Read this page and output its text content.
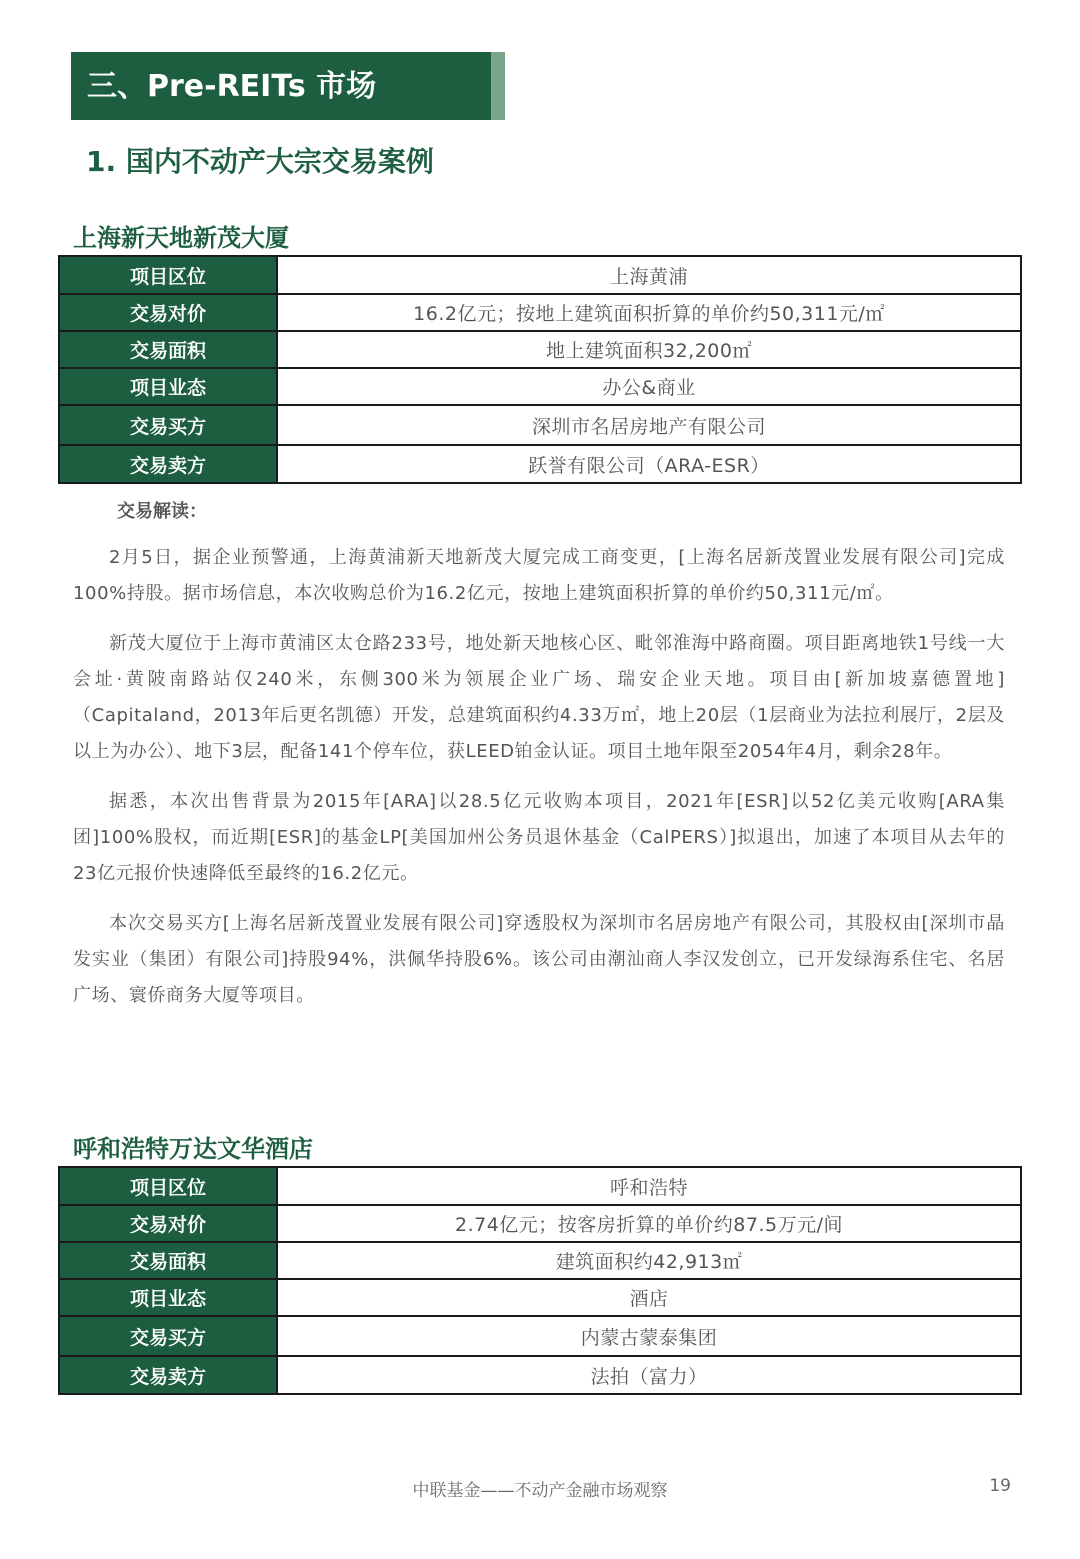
三、Pre-REITs 市场
1. 国内不动产大宗交易案例
上海新天地新茂大厦
项目区位	上海黄浦
交易对价	16.2亿元；按地上建筑面积折算的单价约50,311元/㎡
交易面积	地上建筑面积32,200㎡
项目业态	办公&商业
交易买方	深圳市名居房地产有限公司
交易卖方	跃誉有限公司（ARA-ESR）
交易解读：

2月5日，据企业预警通，上海黄浦新天地新茂大厦完成工商变更，[上海名居新茂置业发展有限公司]完成100%持股。据市场信息，本次收购总价为16.2亿元，按地上建筑面积折算的单价约50,311元/㎡。

新茂大厦位于上海市黄浦区太仓路233号，地处新天地核心区、毗邻淮海中路商圈。项目距离地铁1号线一大会址·黄陂南路站仅240米，东侧300米为领展企业广场、瑞安企业天地。项目由[新加坡嘉德置地]（Capitaland，2013年后更名凯德）开发，总建筑面积约4.33万㎡，地上20层（1层商业为法拉利展厅，2层及以上为办公）、地下3层，配备141个停车位，获LEED铂金认证。项目土地年限至2054年4月，剩余28年。

据悉，本次出售背景为2015年[ARA]以28.5亿元收购本项目，2021年[ESR]以52亿美元收购[ARA集团]100%股权，而近期[ESR]的基金LP[美国加州公务员退休基金（CalPERS）]拟退出，加速了本项目从去年的23亿元报价快速降低至最终的16.2亿元。

本次交易买方[上海名居新茂置业发展有限公司]穿透股权为深圳市名居房地产有限公司，其股权由[深圳市晶发实业（集团）有限公司]持股94%，洪佩华持股6%。该公司由潮汕商人李汉发创立，已开发绿海系住宅、名居广场、寰侨商务大厦等项目。

呼和浩特万达文华酒店
项目区位	呼和浩特
交易对价	2.74亿元；按客房折算的单价约87.5万元/间
交易面积	建筑面积约42,913㎡
项目业态	酒店
交易买方	内蒙古蒙泰集团
交易卖方	法拍（富力）
中联基金——不动产金融市场观察	19
